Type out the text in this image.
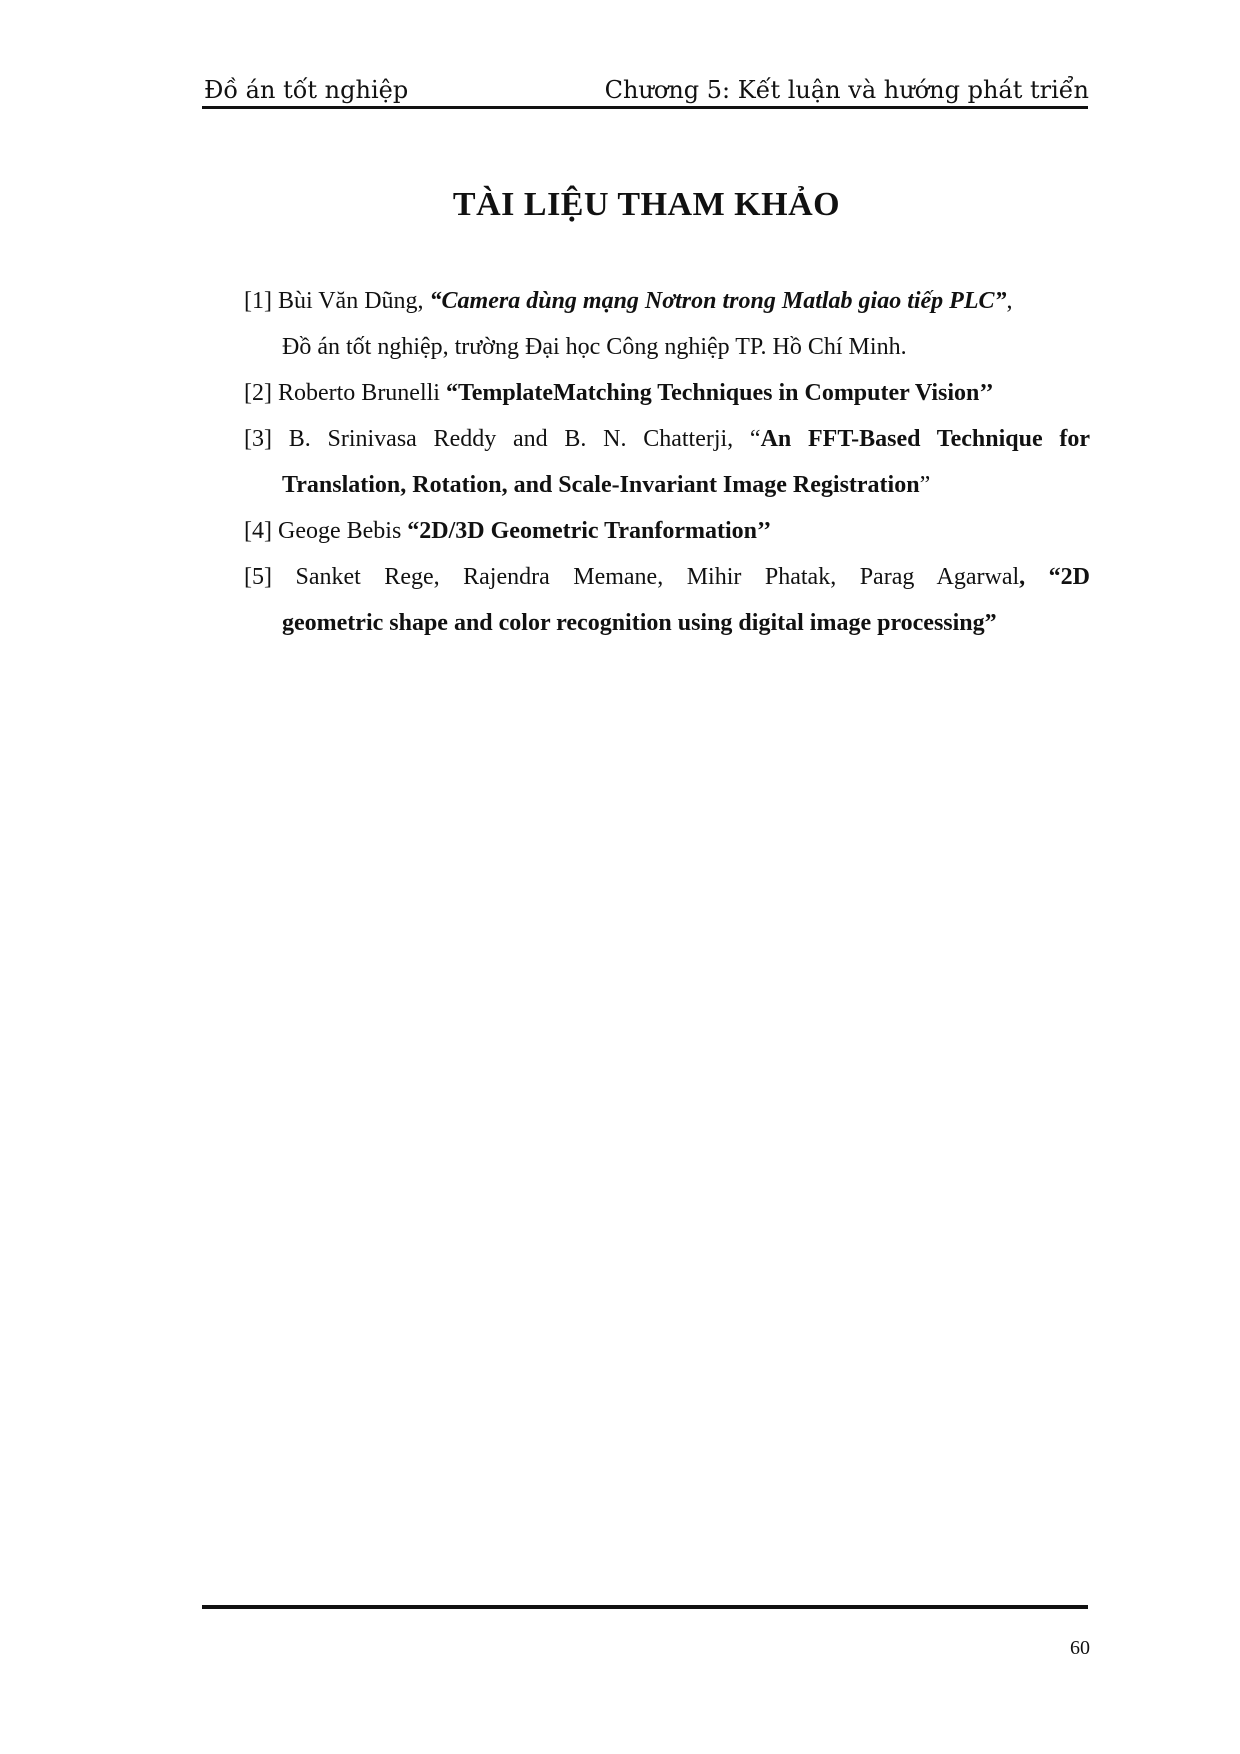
Đồ án tốt nghiệp	Chương 5: Kết luận và hướng phát triển
TÀI LIỆU THAM KHẢO
[1] Bùi Văn Dũng, “Camera dùng mạng Nơtron trong Matlab giao tiếp PLC”,
Đồ án tốt nghiệp, trường Đại học Công nghiệp TP. Hồ Chí Minh.
[2] Roberto Brunelli “TemplateMatching Techniques in Computer Vision’’
[3] B. Srinivasa Reddy and B. N. Chatterji, “An FFT-Based Technique for
Translation, Rotation, and Scale-Invariant Image Registration”
[4] Geoge Bebis “2D/3D Geometric Tranformation’’
[5] Sanket Rege, Rajendra Memane, Mihir Phatak, Parag Agarwal, “2D
geometric shape and color recognition using digital image processing”
60
